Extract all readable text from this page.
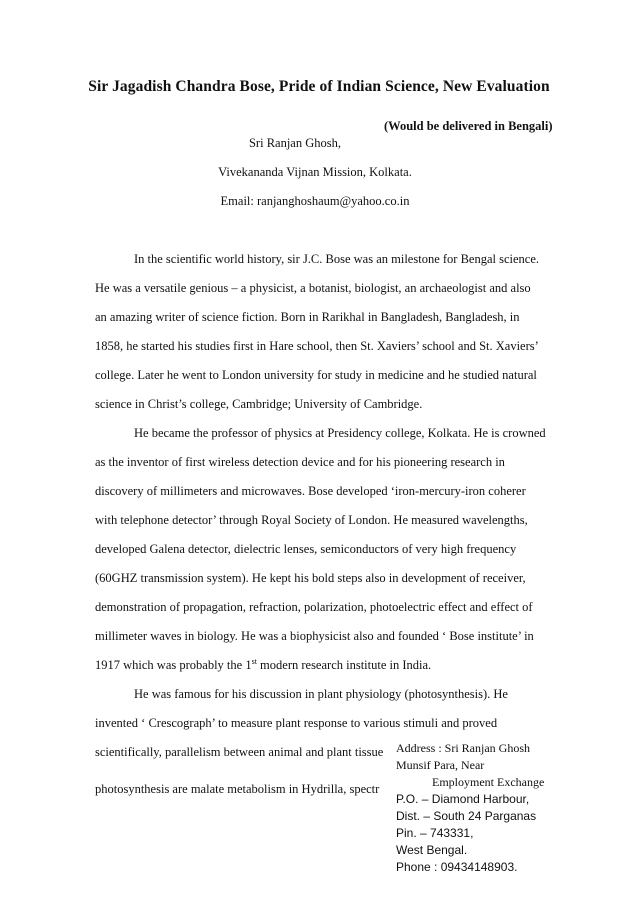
Sir Jagadish Chandra Bose, Pride of Indian Science, New Evaluation
(Would be delivered in Bengali)
Sri Ranjan Ghosh,
Vivekananda Vijnan Mission, Kolkata.
Email: ranjanghoshaum@yahoo.co.in
In the scientific world history, sir J.C. Bose was an milestone for Bengal science.
He was a versatile genious – a physicist, a botanist, biologist, an archaeologist and also
an amazing writer of science fiction. Born in Rarikhal in Bangladesh, Bangladesh, in
1858, he started his studies first in Hare school, then St. Xaviers’ school and St. Xaviers’
college. Later he went to London university for study in medicine and he studied natural
science in Christ’s college, Cambridge; University of Cambridge.
He became the professor of physics at Presidency college, Kolkata. He is crowned
as the inventor of first wireless detection device and for his pioneering research in
discovery of millimeters and microwaves. Bose developed ‘iron-mercury-iron coherer
with telephone detector’ through Royal Society of London. He measured wavelengths,
developed Galena detector, dielectric lenses, semiconductors of very high frequency
(60GHZ transmission system). He kept his bold steps also in development of receiver,
demonstration of propagation, refraction, polarization, photoelectric effect and effect of
millimeter waves in biology. He was a biophysicist also and founded ‘ Bose institute’ in
1917 which was probably the 1st modern research institute in India.
He was famous for his discussion in plant physiology (photosynthesis). He
invented ‘ Crescograph’ to measure plant response to various stimuli and proved
scientifically, parallelism between animal and plant tissue
photosynthesis are malate metabolism in Hydrilla, spectr
Address : Sri Ranjan Ghosh
Munsif Para, Near
Employment Exchange
P.O. – Diamond Harbour,
Dist. – South 24 Parganas
Pin. – 743331,
West Bengal.
Phone : 09434148903.
